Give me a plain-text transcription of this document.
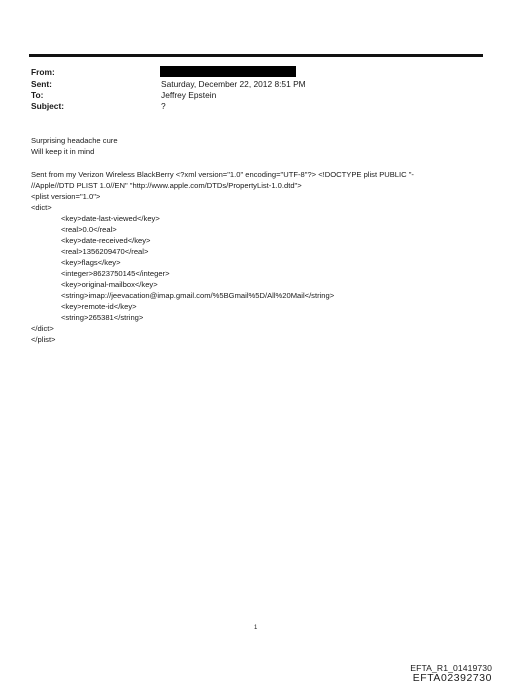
From:
Sent:	Saturday, December 22, 2012 8:51 PM
To:	Jeffrey Epstein
Subject:	?
Surprising headache cure
Will keep it in mind
Sent from my Verizon Wireless BlackBerry <?xml version="1.0" encoding="UTF-8"?> <!DOCTYPE plist PUBLIC "-
//Apple//DTD PLIST 1.0//EN" "http://www.apple.com/DTDs/PropertyList-1.0.dtd">
<plist version="1.0">
<dict>
<key>date-last-viewed</key>
<real>0.0</real>
<key>date-received</key>
<real>1356209470</real>
<key>flags</key>
<integer>8623750145</integer>
<key>original-mailbox</key>
<string>imap://jeevacation@imap.gmail.com/%5BGmail%5D/All%20Mail</string>
<key>remote-id</key>
<string>265381</string>
</dict>
</plist>
1
EFTA_R1_01419730
EFTA02392730
